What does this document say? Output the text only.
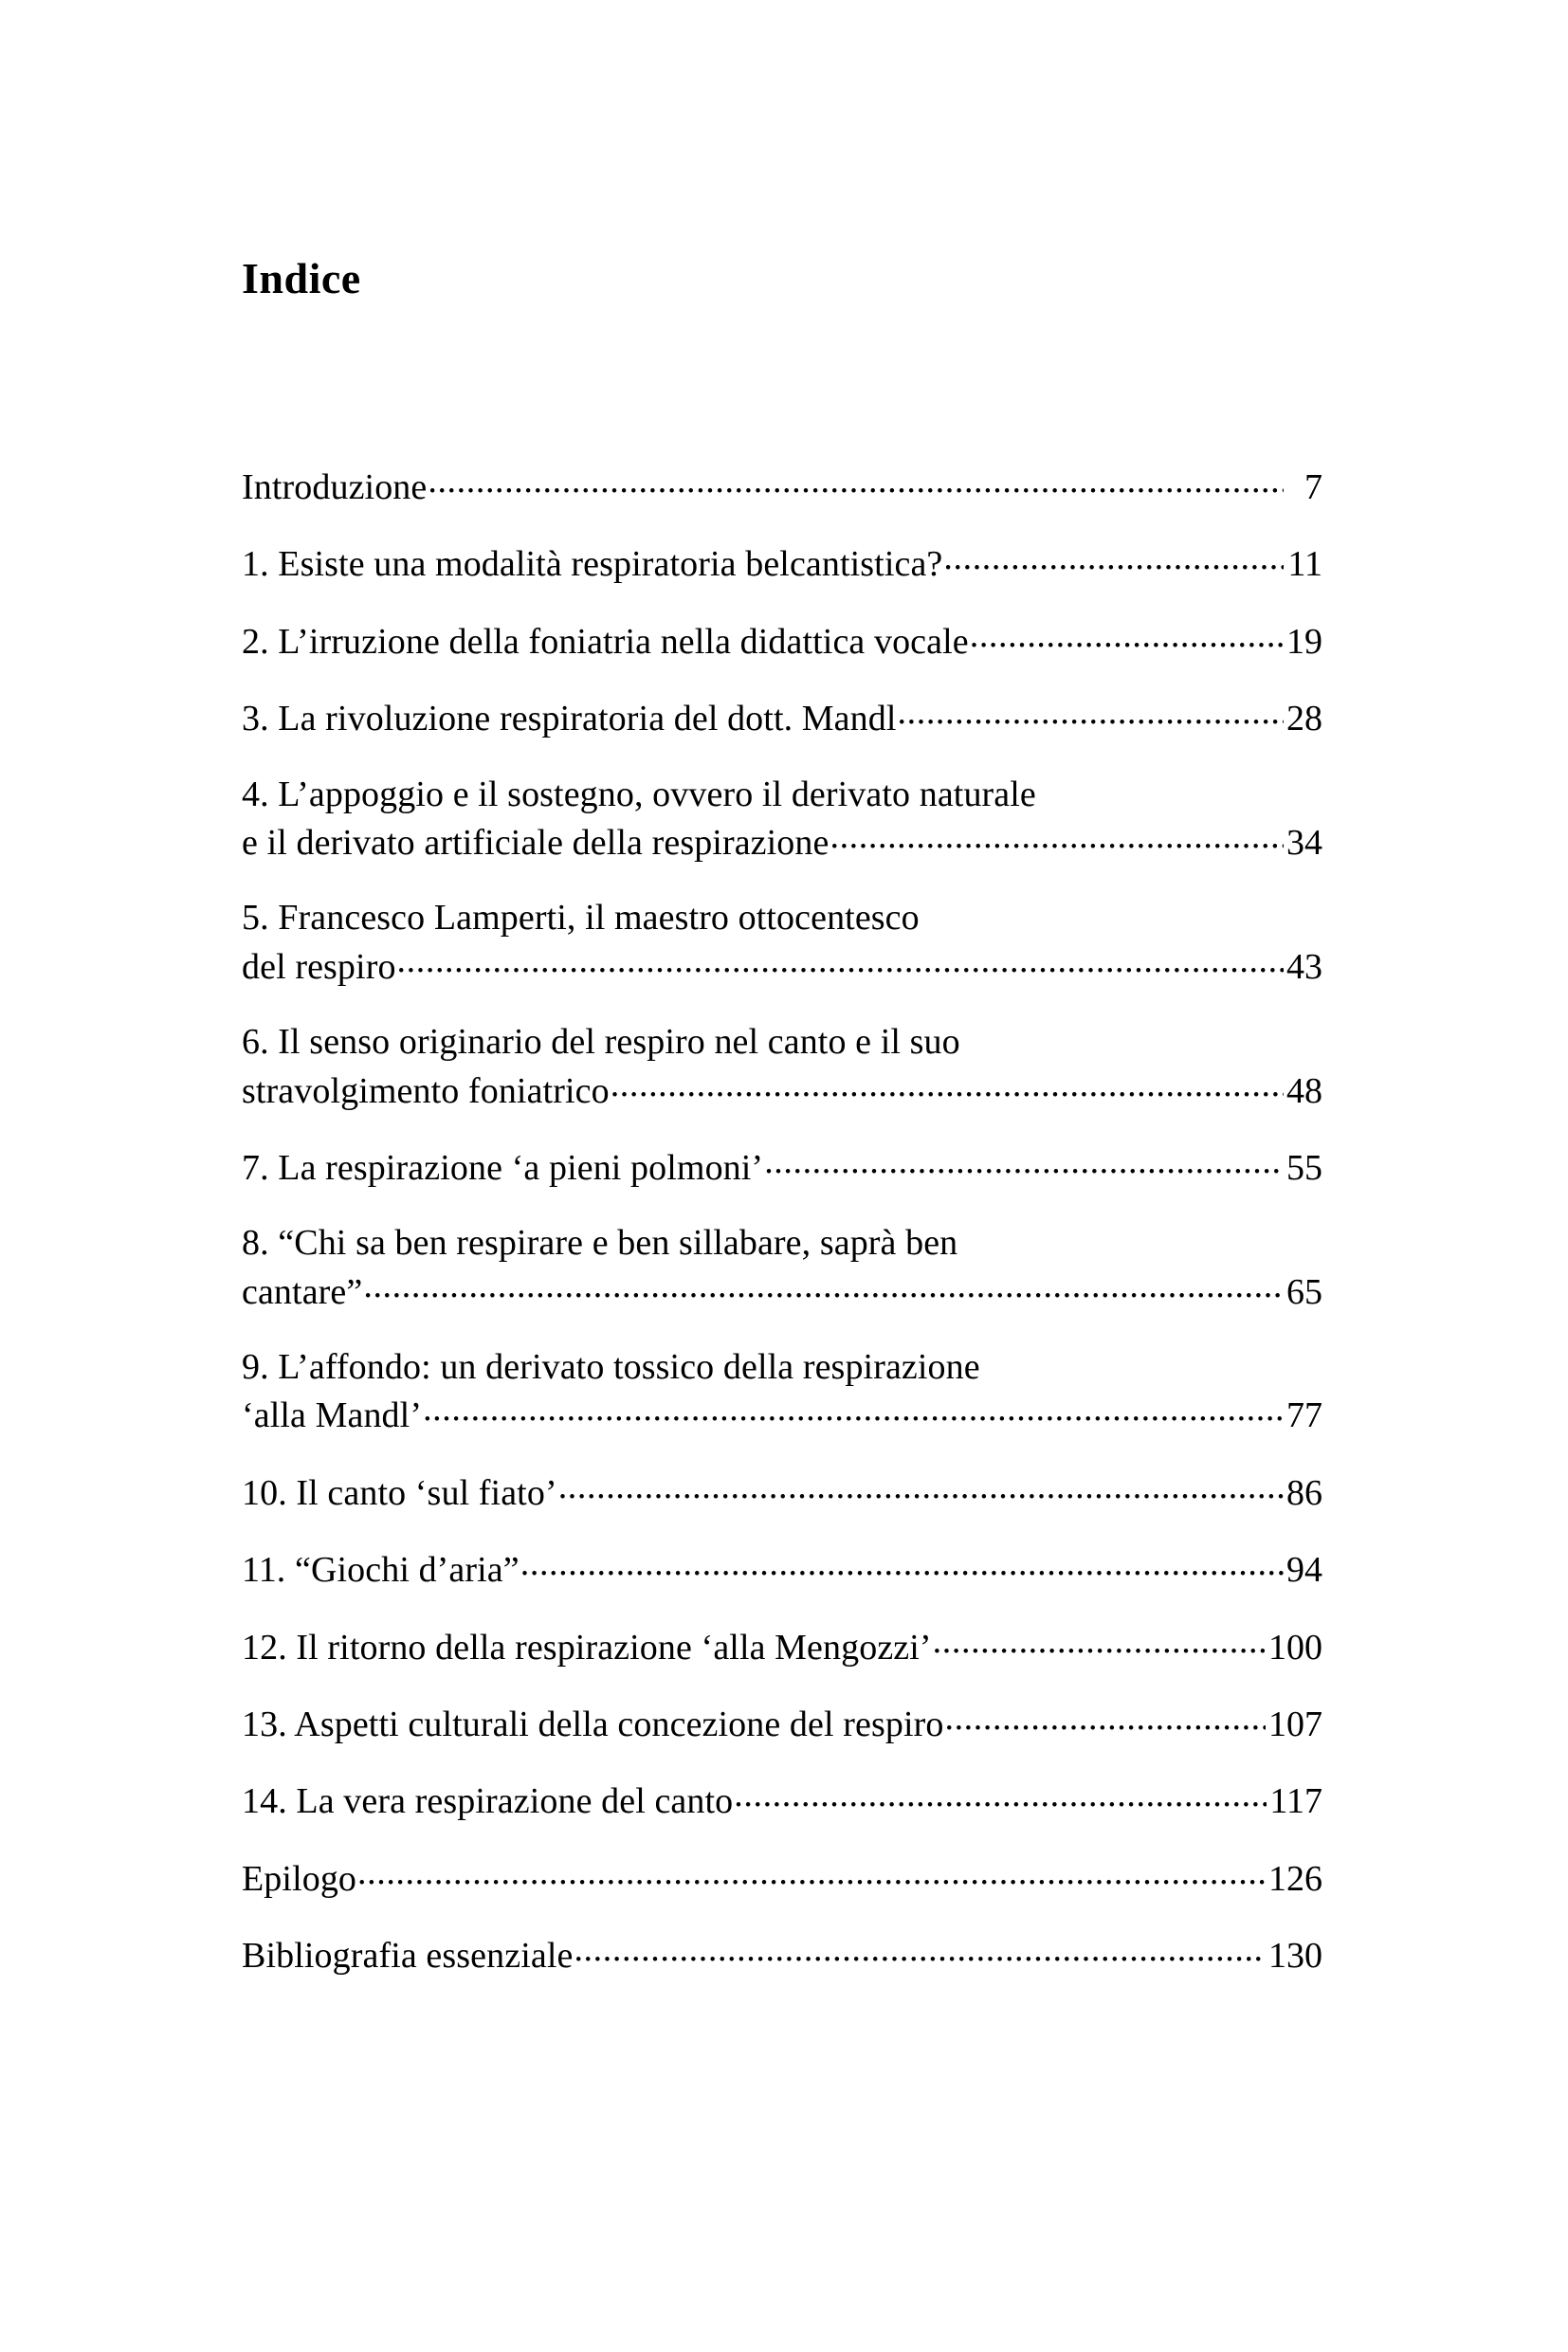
Indice
Introduzione .....	7
1. Esiste una modalità respiratoria belcantistica? .....	11
2. L’irruzione della foniatria nella didattica vocale .....	19
3. La rivoluzione respiratoria del dott. Mandl .....	28
4. L’appoggio e il sostegno, ovvero il derivato naturale
e il derivato artificiale della respirazione .....	34
5. Francesco Lamperti, il maestro ottocentesco
del respiro .....	43
6. Il senso originario del respiro nel canto e il suo
stravolgimento foniatrico .....	48
7. La respirazione ‘a pieni polmoni’ .....	55
8. “Chi sa ben respirare e ben sillabare, saprà ben
cantare” .....	65
9. L’affondo: un derivato tossico della respirazione
‘alla Mandl’ .....	77
10. Il canto ‘sul fiato’ .....	86
11. “Giochi d’aria” .....	94
12. Il ritorno della respirazione ‘alla Mengozzi’ .....	100
13. Aspetti culturali della concezione del respiro .....	107
14. La vera respirazione del canto .....	117
Epilogo .....	126
Bibliografia essenziale .....	130
